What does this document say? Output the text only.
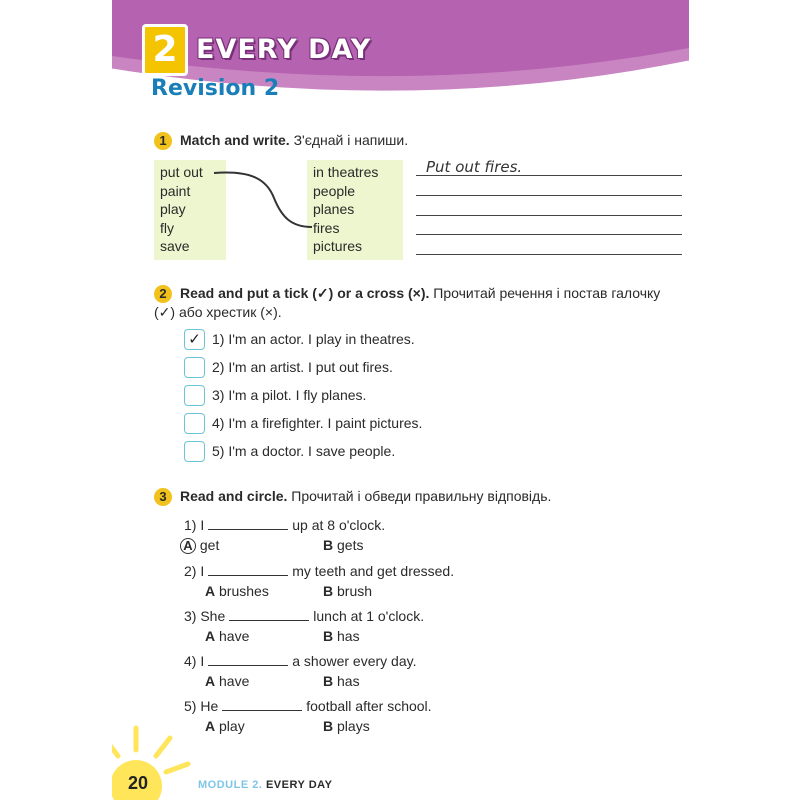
2 EVERY DAY
Revision 2
1 Match and write. З'єднай і напиши.
put out
paint
play
fly
save
in theatres
people
planes
fires
pictures
Put out fires.
2 Read and put a tick (✓) or a cross (×). Прочитай речення і постав галочку (✓) або хрестик (×).
✓ 1) I'm an actor. I play in theatres.
2) I'm an artist. I put out fires.
3) I'm a pilot. I fly planes.
4) I'm a firefighter. I paint pictures.
5) I'm a doctor. I save people.
3 Read and circle. Прочитай і обведи правильну відповідь.
1) I	up at 8 o'clock.
A get	B gets
2) I	my teeth and get dressed.
A brushes	B brush
3) She	lunch at 1 o'clock.
A have	B has
4) I	a shower every day.
A have	B has
5) He	football after school.
A play	B plays
20	MODULE 2. EVERY DAY
